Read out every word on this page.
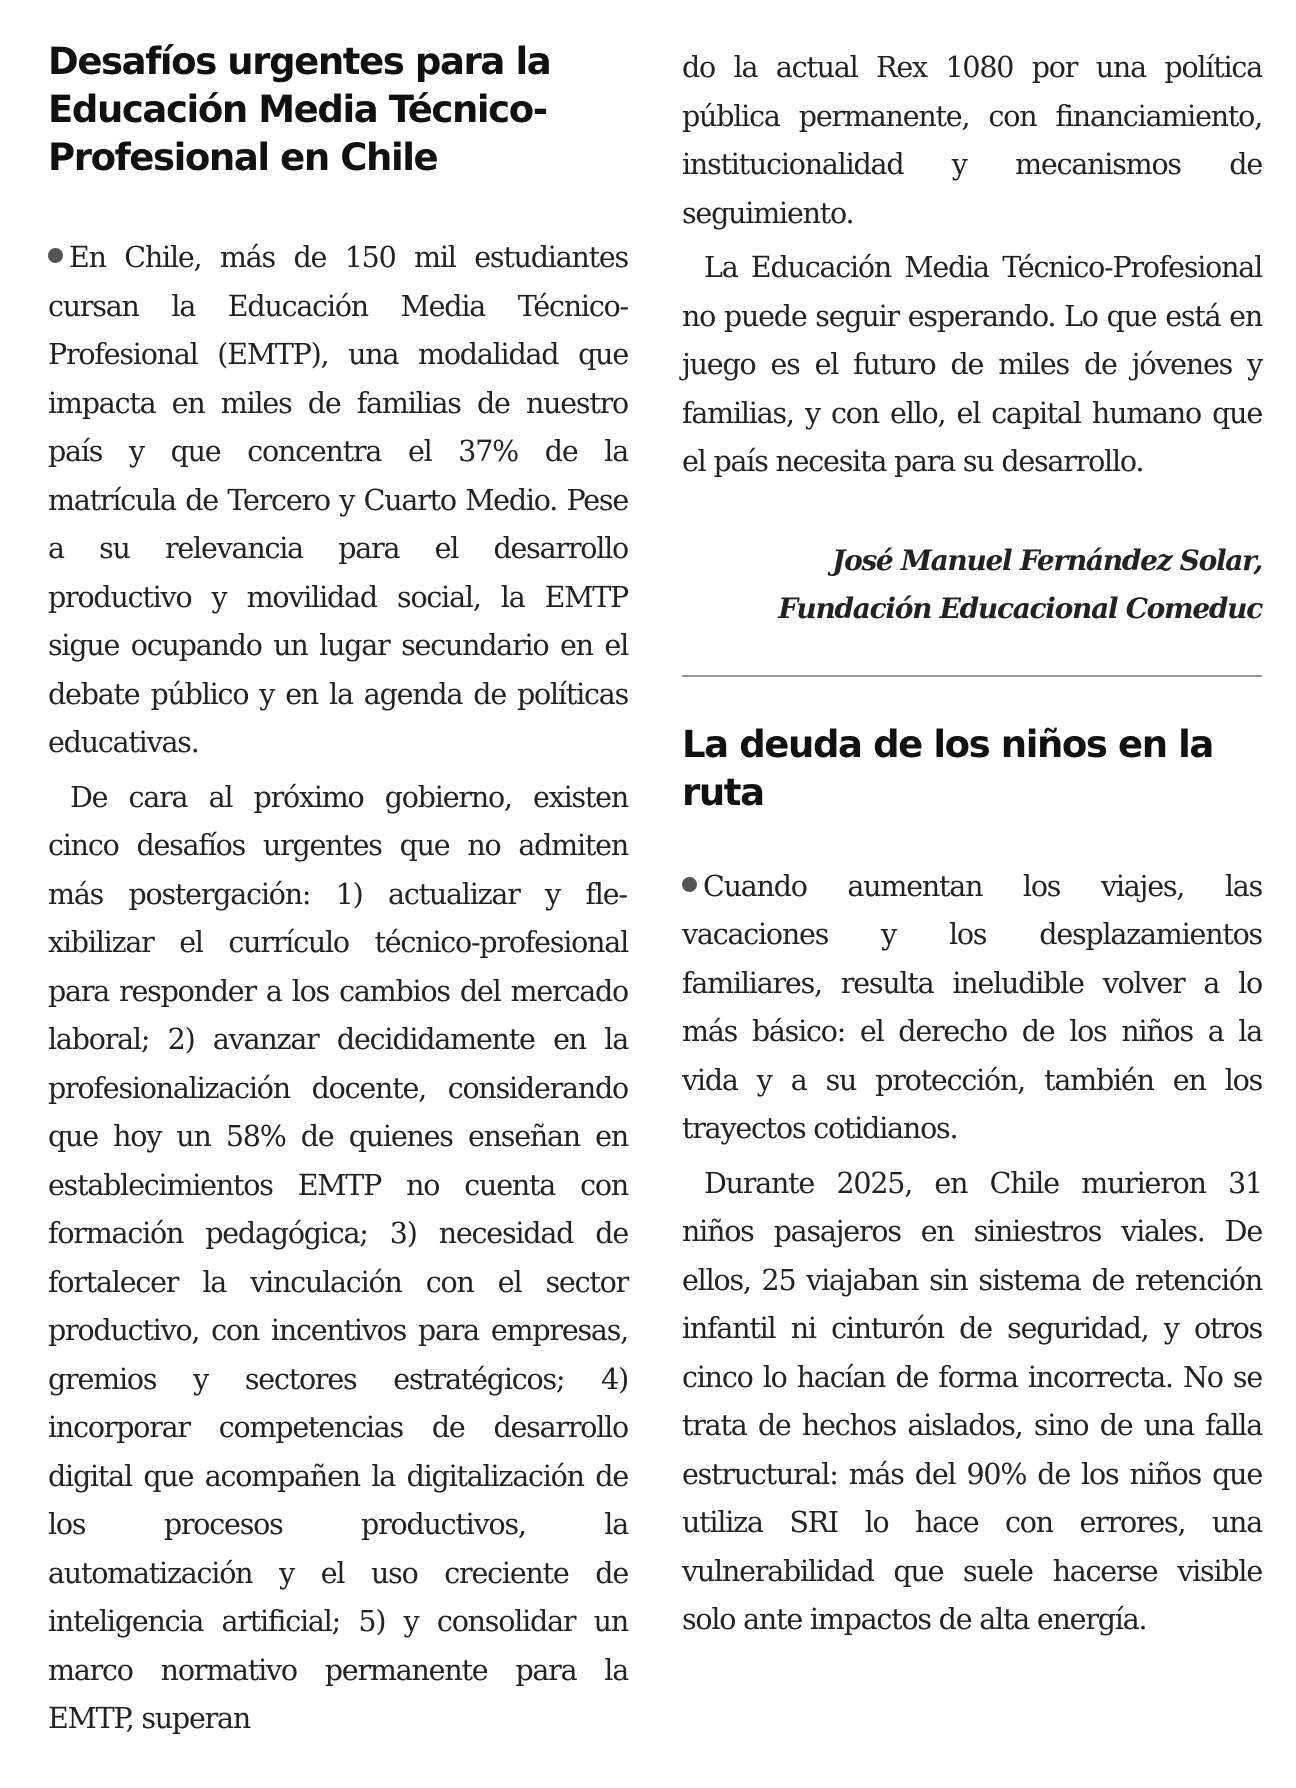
Desafíos urgentes para la Educación Media Técnico-Profesional en Chile

En Chile, más de 150 mil estudiantes cursan la Educación Media Técnico-Profesional (EMTP), una modalidad que impacta en miles de familias de nuestro país y que concentra el 37% de la matrícula de Tercero y Cuarto Medio. Pese a su relevancia para el desarrollo productivo y movilidad social, la EMTP sigue ocupando un lugar secundario en el debate público y en la agenda de políticas educativas.

De cara al próximo gobierno, existen cinco desafíos urgentes que no admiten más postergación: 1) actualizar y flexibilizar el currículo técnico-profesional para responder a los cambios del mercado laboral; 2) avanzar decididamente en la profesionalización docente, considerando que hoy un 58% de quienes enseñan en establecimientos EMTP no cuenta con formación pedagógica; 3) necesidad de fortalecer la vinculación con el sector productivo, con incentivos para empresas, gremios y sectores estratégicos; 4) incorporar competencias de desarrollo digital que acompañen la digitalización de los procesos productivos, la automatización y el uso creciente de inteligencia artificial; 5) y consolidar un marco normativo permanente para la EMTP, superan

do la actual Rex 1080 por una política pública permanente, con financiamiento, institucionalidad y mecanismos de seguimiento.

La Educación Media Técnico-Profesional no puede seguir esperando. Lo que está en juego es el futuro de miles de jóvenes y familias, y con ello, el capital humano que el país necesita para su desarrollo.

José Manuel Fernández Solar, Fundación Educacional Comeduc

La deuda de los niños en la ruta

Cuando aumentan los viajes, las vacaciones y los desplazamientos familiares, resulta ineludible volver a lo más básico: el derecho de los niños a la vida y a su protección, también en los trayectos cotidianos.

Durante 2025, en Chile murieron 31 niños pasajeros en siniestros viales. De ellos, 25 viajaban sin sistema de retención infantil ni cinturón de seguridad, y otros cinco lo hacían de forma incorrecta. No se trata de hechos aislados, sino de una falla estructural: más del 90% de los niños que utiliza SRI lo hace con errores, una vulnerabilidad que suele hacerse visible solo ante impactos de alta energía.
